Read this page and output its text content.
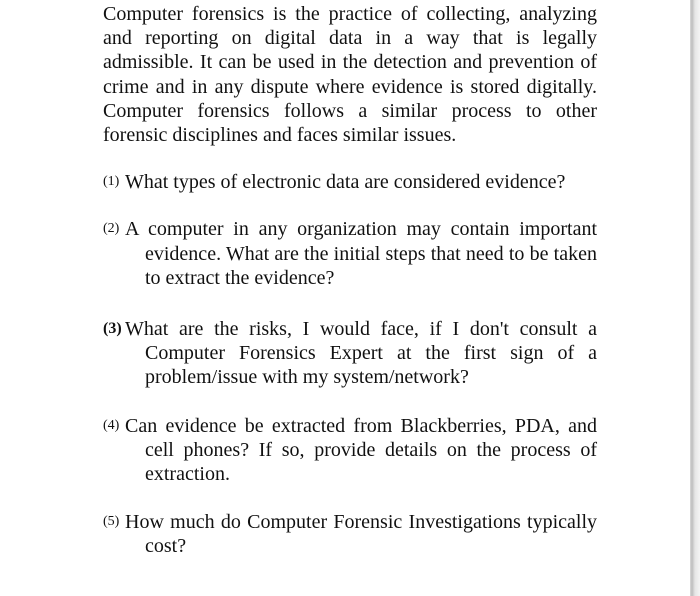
Computer forensics is the practice of collecting, analyzing and reporting on digital data in a way that is legally admissible. It can be used in the detection and prevention of crime and in any dispute where evidence is stored digitally. Computer forensics follows a similar process to other forensic disciplines and faces similar issues.

(1) What types of electronic data are considered evidence?
(2) A computer in any organization may contain important evidence. What are the initial steps that need to be taken to extract the evidence?
(3) What are the risks, I would face, if I don't consult a Computer Forensics Expert at the first sign of a problem/issue with my system/network?
(4) Can evidence be extracted from Blackberries, PDA, and cell phones? If so, provide details on the process of extraction.
(5) How much do Computer Forensic Investigations typically cost?
